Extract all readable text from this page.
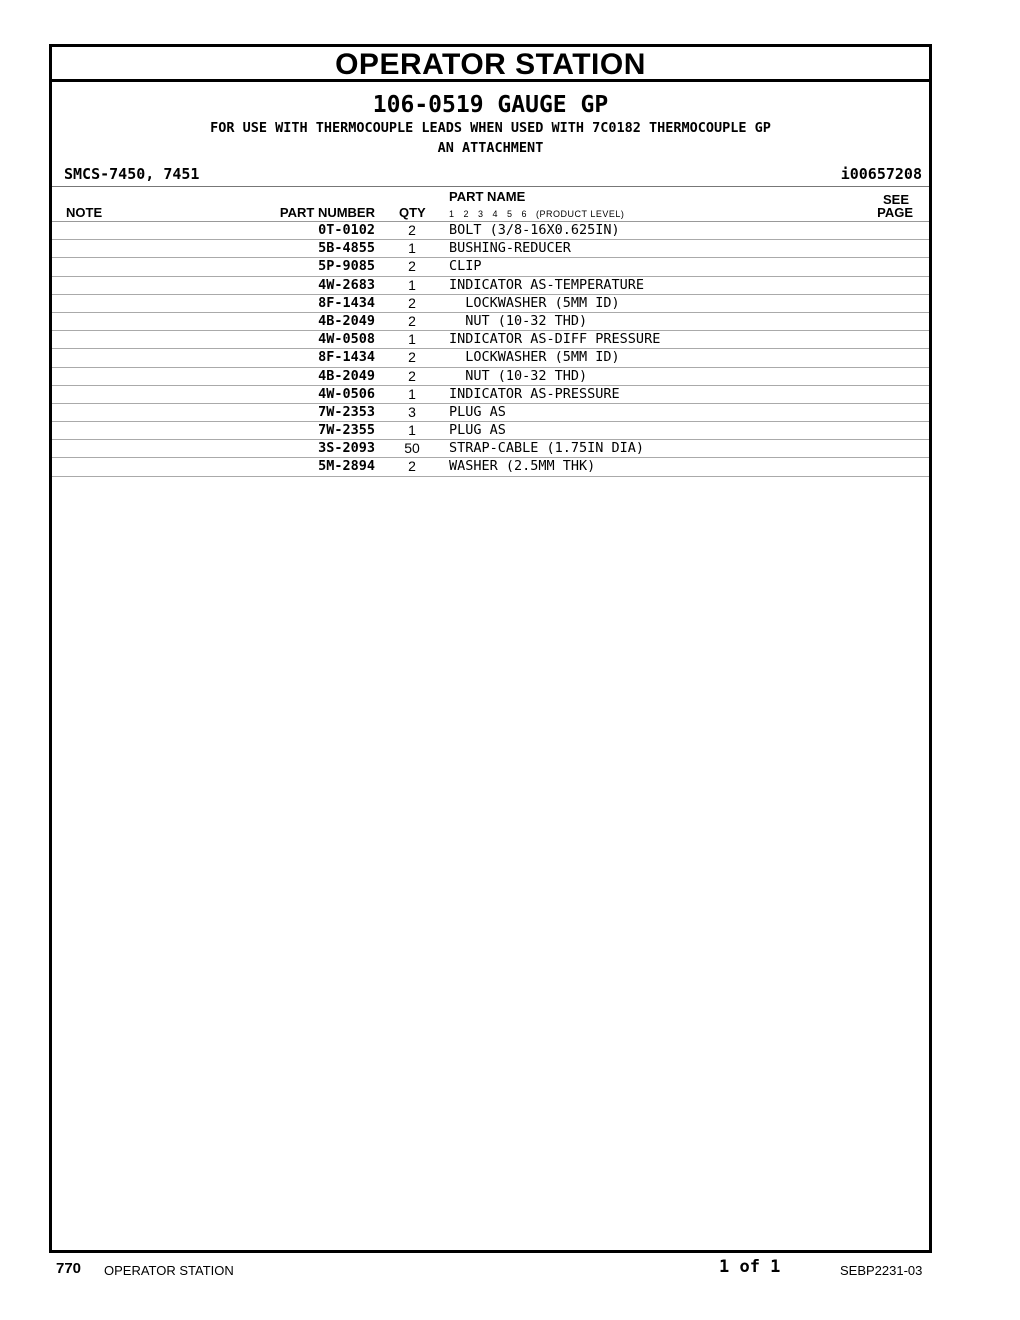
OPERATOR STATION
106-0519 GAUGE GP
FOR USE WITH THERMOCOUPLE LEADS WHEN USED WITH 7C0182 THERMOCOUPLE GP
AN ATTACHMENT
SMCS-7450, 7451	i00657208
NOTE	PART NUMBER QTY
PART NAME
1   2   3   4   5   6   (PRODUCT LEVEL)
SEE
PAGE
0T-0102	2	BOLT (3/8-16X0.625IN)
5B-4855	1	BUSHING-REDUCER
5P-9085	2	CLIP
4W-2683	1	INDICATOR AS-TEMPERATURE
8F-1434	2	LOCKWASHER (5MM ID)
4B-2049	2	NUT (10-32 THD)
4W-0508	1	INDICATOR AS-DIFF PRESSURE
8F-1434	2	LOCKWASHER (5MM ID)
4B-2049	2	NUT (10-32 THD)
4W-0506	1	INDICATOR AS-PRESSURE
7W-2353	3	PLUG AS
7W-2355	1	PLUG AS
3S-2093	50	STRAP-CABLE (1.75IN DIA)
5M-2894	2	WASHER (2.5MM THK)
770 OPERATOR STATION	1 of 1	SEBP2231-03
